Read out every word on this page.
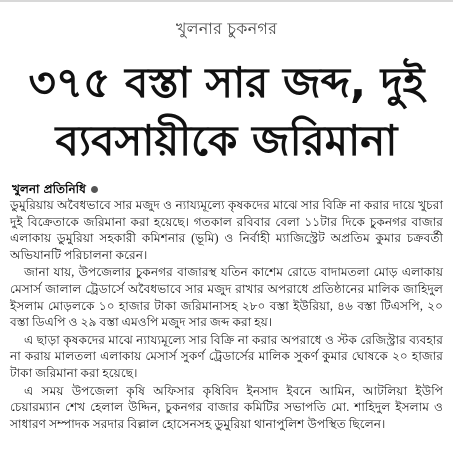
খুলনার চুকনগর
৩৭৫ বস্তা সার জব্দ, দুই ব্যবসায়ীকে জরিমানা
খুলনা প্রতিনিধি

ডুমুরিয়ায় অবৈধভাবে সার মজুদ ও ন্যায্যমূল্যে কৃষকদের মাঝে সার বিক্রি না করার দায়ে খুচরা দুই বিক্রেতাকে জরিমানা করা হয়েছে। গতকাল রবিবার বেলা ১১টার দিকে চুকনগর বাজার এলাকায় ডুমুরিয়া সহকারী কমিশনার (ভূমি) ও নির্বাহী ম্যাজিস্ট্রেট অপ্রতিম কুমার চক্রবর্তী অভিযানটি পরিচালনা করেন।

জানা যায়, উপজেলার চুকনগর বাজারস্থ যতিন কাশেম রোডে বাদামতলা মোড় এলাকায় মেসার্স জালাল ট্রেডার্সে অবৈধভাবে সার মজুদ রাখার অপরাধে প্রতিষ্ঠানের মালিক জাহিদুল ইসলাম মোড়লকে ১০ হাজার টাকা জরিমানাসহ ২৮০ বস্তা ইউরিয়া, ৪৬ বস্তা টিএসপি, ২০ বস্তা ডিএপি ও ২৯ বস্তা এমওপি মজুদ সার জব্দ করা হয়।

এ ছাড়া কৃষকদের মাঝে ন্যায্যমূল্যে সার বিক্রি না করার অপরাধে ও স্টক রেজিস্ট্রার ব্যবহার না করায় মালতলা এলাকায় মেসার্স সুকর্ণ ট্রেডার্সের মালিক সুকর্ণ কুমার ঘোষকে ২০ হাজার টাকা জরিমানা করা হয়েছে।

এ সময় উপজেলা কৃষি অফিসার কৃষিবিদ ইনসাদ ইবনে আমিন, আটলিয়া ইউপি চেয়ারম্যান শেখ হেলাল উদ্দিন, চুকনগর বাজার কমিটির সভাপতি মো. শাহিদুল ইসলাম ও সাধারণ সম্পাদক সরদার বিল্লাল হোসেনসহ ডুমুরিয়া থানাপুলিশ উপস্থিত ছিলেন।
